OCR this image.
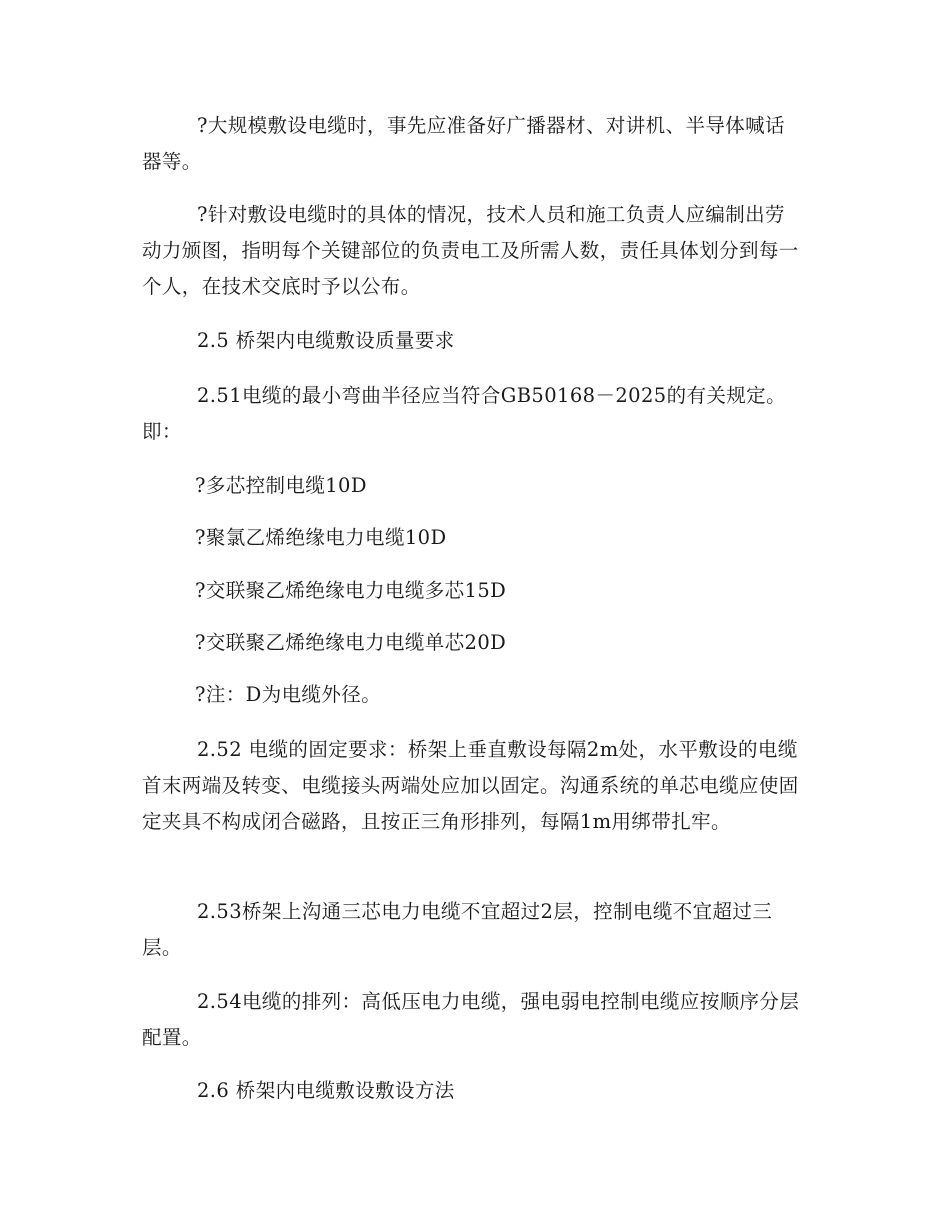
?大规模敷设电缆时，事先应准备好广播器材、对讲机、半导体喊话器等。

?针对敷设电缆时的具体的情况，技术人员和施工负责人应编制出劳动力颁图，指明每个关键部位的负责电工及所需人数，责任具体划分到每一个人，在技术交底时予以公布。

2.5 桥架内电缆敷设质量要求

2.51电缆的最小弯曲半径应当符合GB50168－2025的有关规定。即：

?多芯控制电缆10D

?聚氯乙烯绝缘电力电缆10D

?交联聚乙烯绝缘电力电缆多芯15D

?交联聚乙烯绝缘电力电缆单芯20D

?注：D为电缆外径。

2.52 电缆的固定要求：桥架上垂直敷设每隔2m处，水平敷设的电缆首末两端及转变、电缆接头两端处应加以固定。沟通系统的单芯电缆应使固定夹具不构成闭合磁路，且按正三角形排列，每隔1m用绑带扎牢。

2.53桥架上沟通三芯电力电缆不宜超过2层，控制电缆不宜超过三层。

2.54电缆的排列：高低压电力电缆，强电弱电控制电缆应按顺序分层配置。

2.6 桥架内电缆敷设敷设方法
